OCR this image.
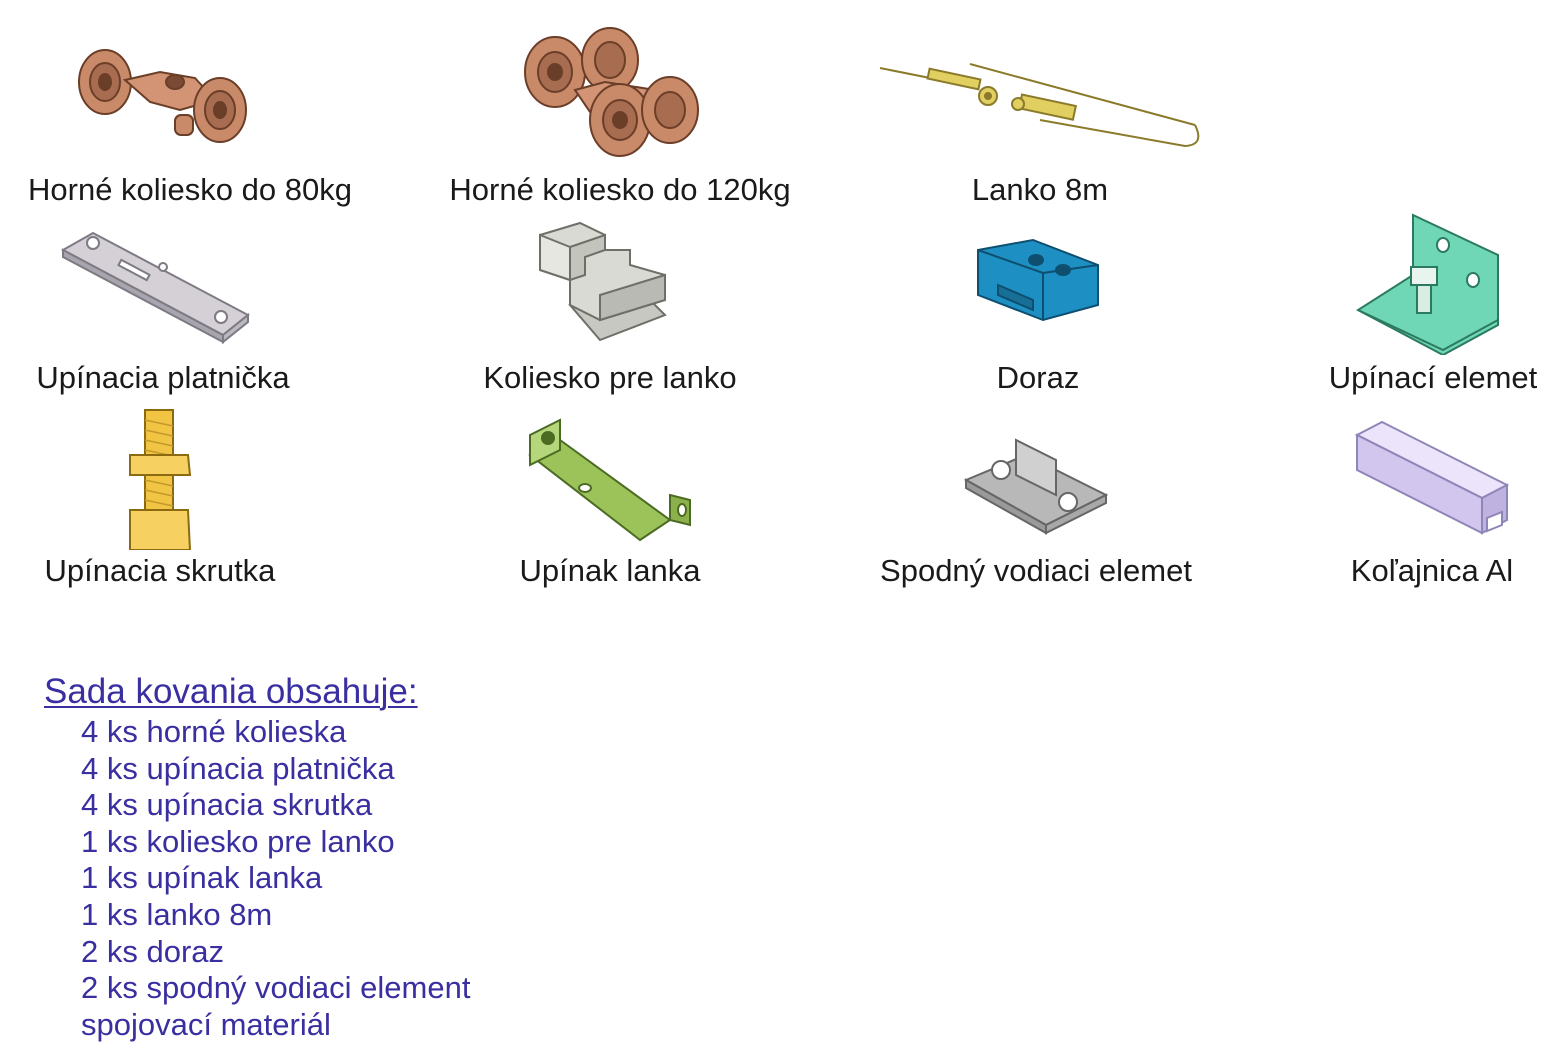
Horné koliesko do 80kg	Horné koliesko do 120kg	Lanko 8m
Upínacia platnička	Koliesko pre lanko	Doraz	Upínací elemet
Upínacia skrutka	Upínak lanka	Spodný vodiaci elemet	Koľajnica Al
Sada kovania obsahuje:
4 ks horné kolieska
4 ks upínacia platnička
4 ks upínacia skrutka
1 ks koliesko pre lanko
1 ks upínak lanka
1 ks lanko 8m
2 ks doraz
2 ks spodný vodiaci element
spojovací materiál
